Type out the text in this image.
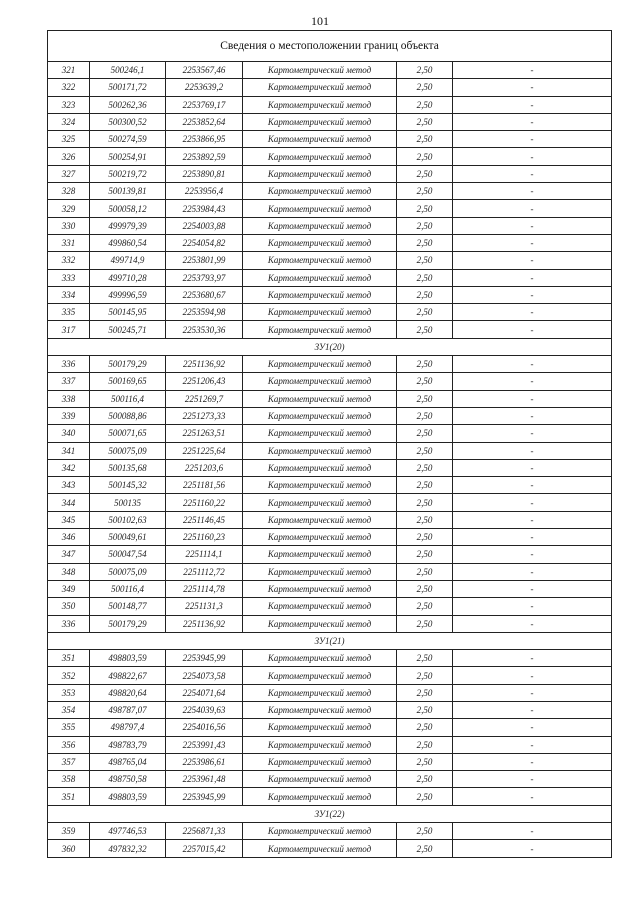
101
Сведения о местоположении границ объекта					
321	500246,1	2253567,46	Картометрический метод	2,50	-
322	500171,72	2253639,2	Картометрический метод	2,50	-
323	500262,36	2253769,17	Картометрический метод	2,50	-
324	500300,52	2253852,64	Картометрический метод	2,50	-
325	500274,59	2253866,95	Картометрический метод	2,50	-
326	500254,91	2253892,59	Картометрический метод	2,50	-
327	500219,72	2253890,81	Картометрический метод	2,50	-
328	500139,81	2253956,4	Картометрический метод	2,50	-
329	500058,12	2253984,43	Картометрический метод	2,50	-
330	499979,39	2254003,88	Картометрический метод	2,50	-
331	499860,54	2254054,82	Картометрический метод	2,50	-
332	499714,9	2253801,99	Картометрический метод	2,50	-
333	499710,28	2253793,97	Картометрический метод	2,50	-
334	499996,59	2253680,67	Картометрический метод	2,50	-
335	500145,95	2253594,98	Картометрический метод	2,50	-
317	500245,71	2253530,36	Картометрический метод	2,50	-
ЗУ1(20)					
336	500179,29	2251136,92	Картометрический метод	2,50	-
337	500169,65	2251206,43	Картометрический метод	2,50	-
338	500116,4	2251269,7	Картометрический метод	2,50	-
339	500088,86	2251273,33	Картометрический метод	2,50	-
340	500071,65	2251263,51	Картометрический метод	2,50	-
341	500075,09	2251225,64	Картометрический метод	2,50	-
342	500135,68	2251203,6	Картометрический метод	2,50	-
343	500145,32	2251181,56	Картометрический метод	2,50	-
344	500135	2251160,22	Картометрический метод	2,50	-
345	500102,63	2251146,45	Картометрический метод	2,50	-
346	500049,61	2251160,23	Картометрический метод	2,50	-
347	500047,54	2251114,1	Картометрический метод	2,50	-
348	500075,09	2251112,72	Картометрический метод	2,50	-
349	500116,4	2251114,78	Картометрический метод	2,50	-
350	500148,77	2251131,3	Картометрический метод	2,50	-
336	500179,29	2251136,92	Картометрический метод	2,50	-
ЗУ1(21)					
351	498803,59	2253945,99	Картометрический метод	2,50	-
352	498822,67	2254073,58	Картометрический метод	2,50	-
353	498820,64	2254071,64	Картометрический метод	2,50	-
354	498787,07	2254039,63	Картометрический метод	2,50	-
355	498797,4	2254016,56	Картометрический метод	2,50	-
356	498783,79	2253991,43	Картометрический метод	2,50	-
357	498765,04	2253986,61	Картометрический метод	2,50	-
358	498750,58	2253961,48	Картометрический метод	2,50	-
351	498803,59	2253945,99	Картометрический метод	2,50	-
ЗУ1(22)					
359	497746,53	2256871,33	Картометрический метод	2,50	-
360	497832,32	2257015,42	Картометрический метод	2,50	-
